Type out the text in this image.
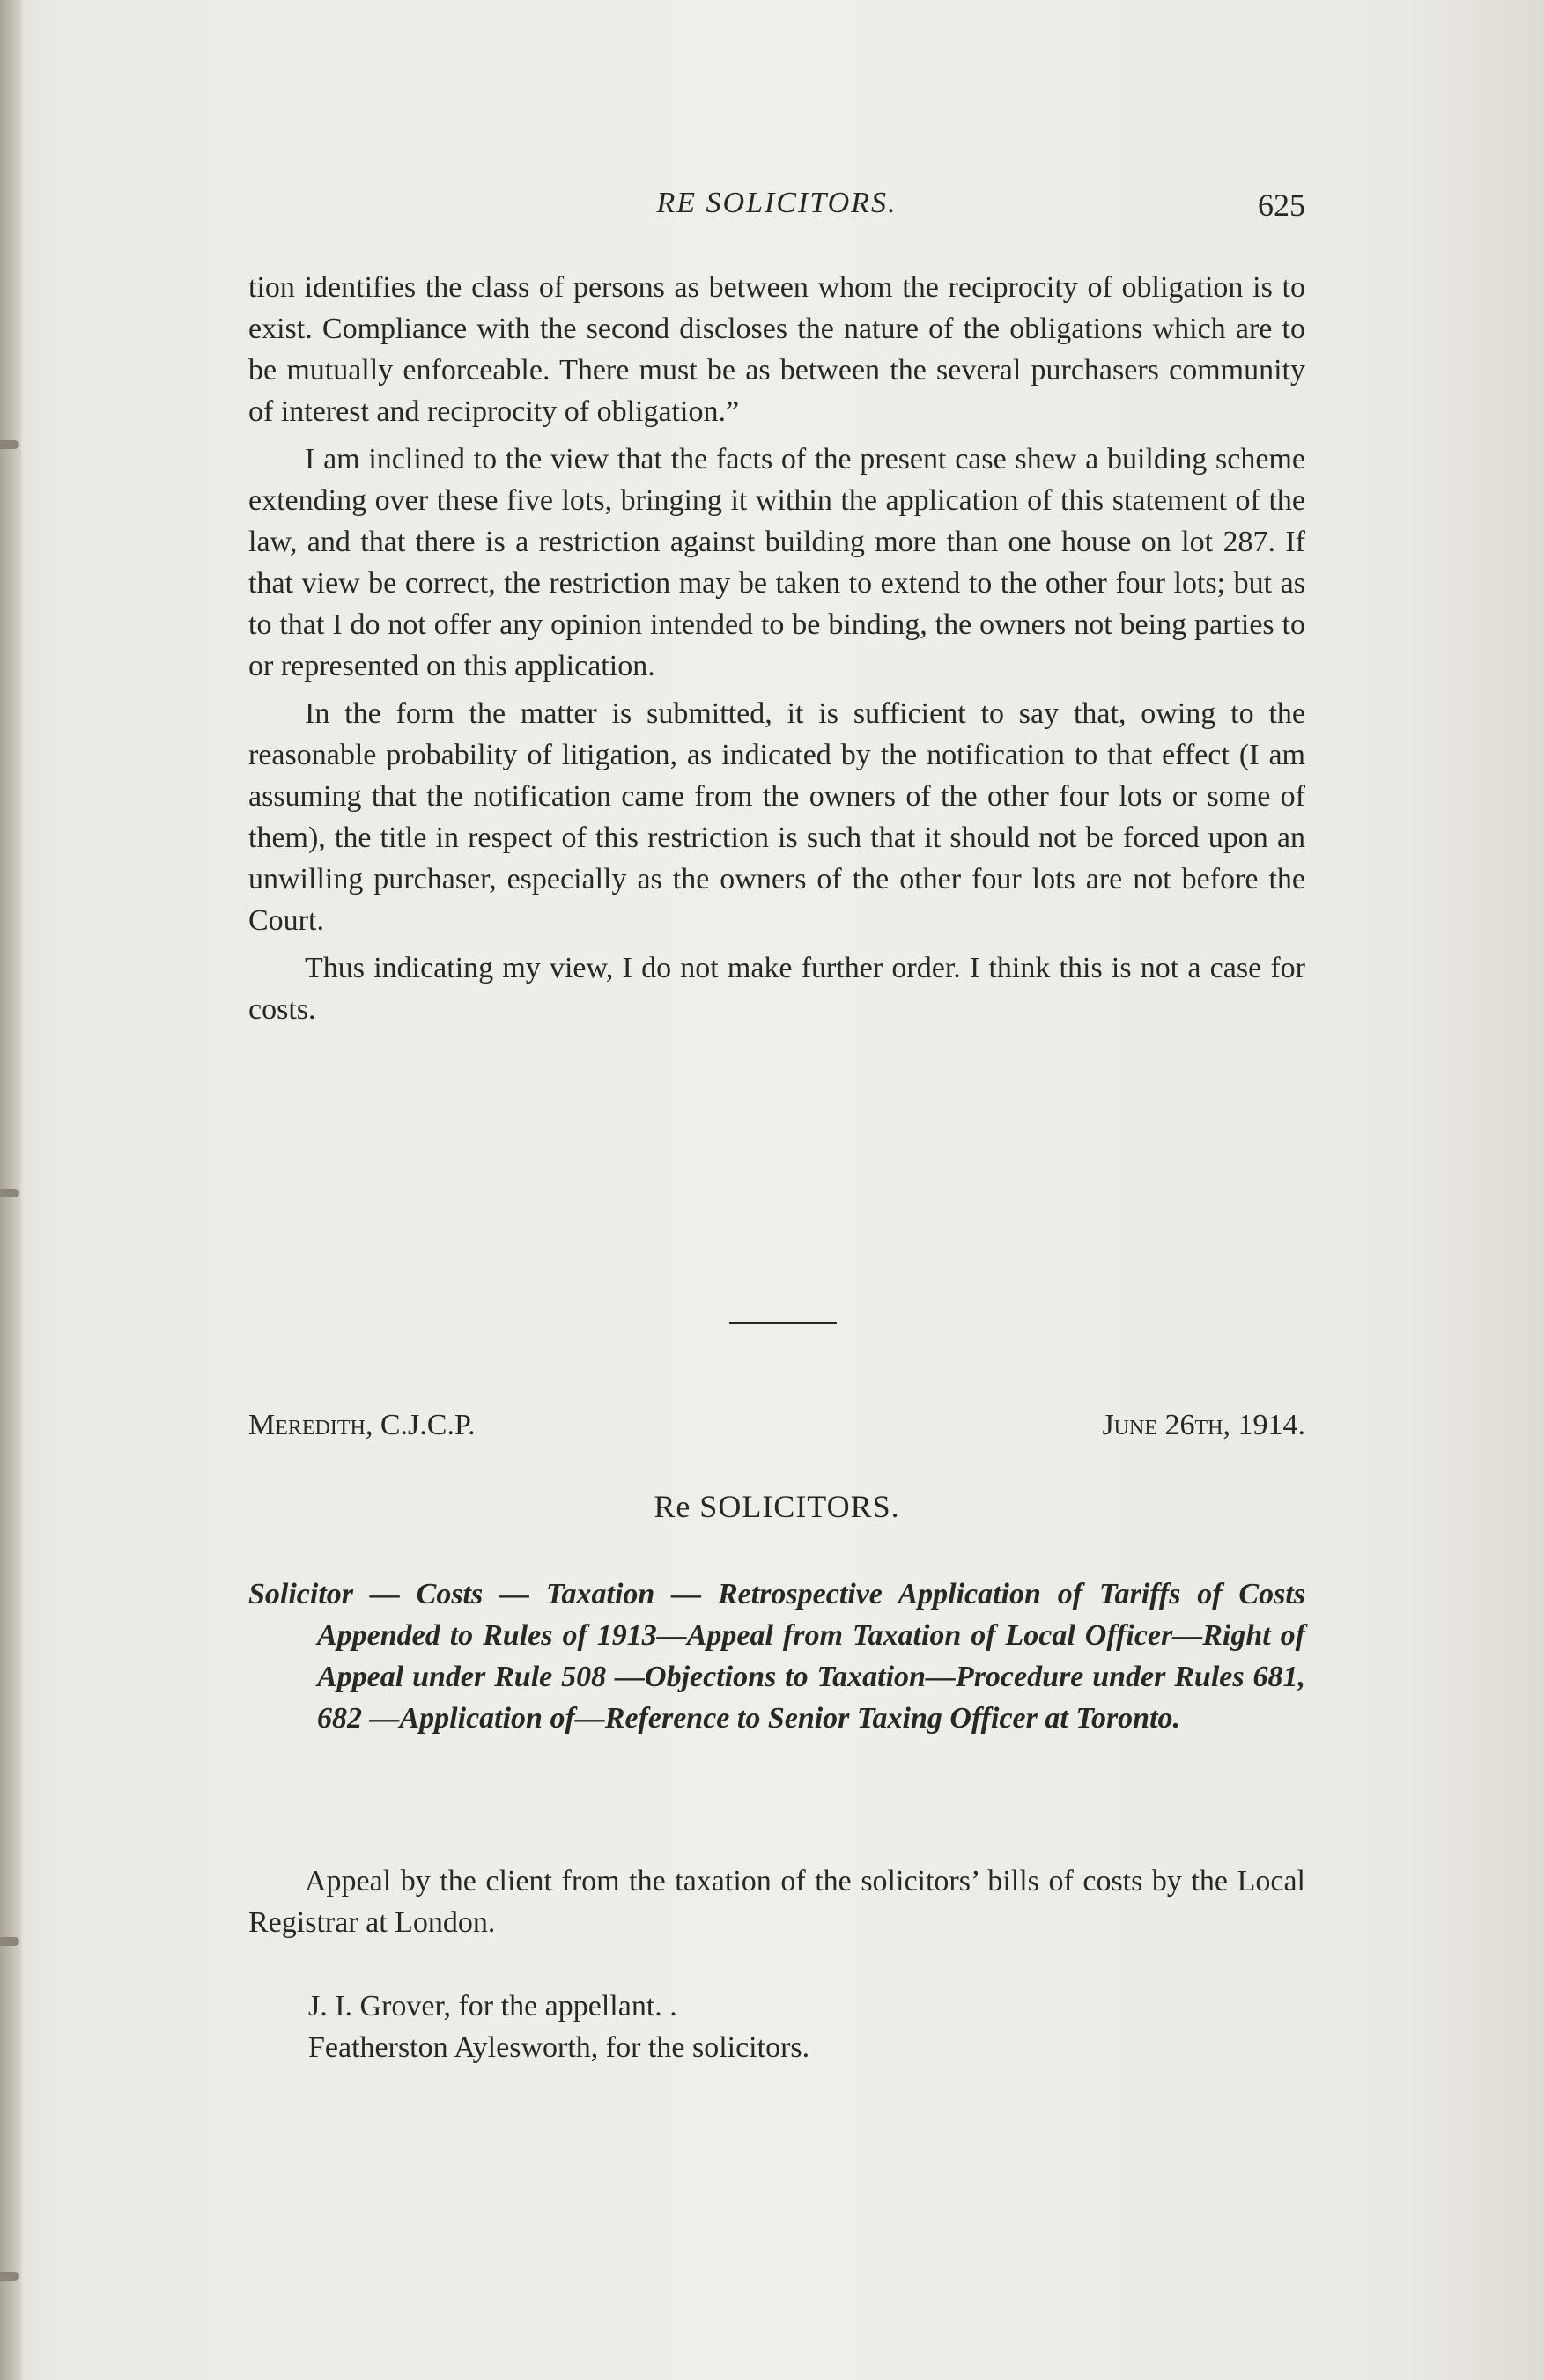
RE SOLICITORS.	625

tion identifies the class of persons as between whom the reciprocity of obligation is to exist. Compliance with the second discloses the nature of the obligations which are to be mutually enforceable. There must be as between the several purchasers community of interest and reciprocity of obligation.”

I am inclined to the view that the facts of the present case shew a building scheme extending over these five lots, bringing it within the application of this statement of the law, and that there is a restriction against building more than one house on lot 287. If that view be correct, the restriction may be taken to extend to the other four lots; but as to that I do not offer any opinion intended to be binding, the owners not being parties to or represented on this application.

In the form the matter is submitted, it is sufficient to say that, owing to the reasonable probability of litigation, as indicated by the notification to that effect (I am assuming that the notification came from the owners of the other four lots or some of them), the title in respect of this restriction is such that it should not be forced upon an unwilling purchaser, especially as the owners of the other four lots are not before the Court.

Thus indicating my view, I do not make further order. I think this is not a case for costs.

Meredith, C.J.C.P.	June 26th, 1914.
Re SOLICITORS.
Solicitor — Costs — Taxation — Retrospective Application of Tariffs of Costs Appended to Rules of 1913—Appeal from Taxation of Local Officer—Right of Appeal under Rule 508 —Objections to Taxation—Procedure under Rules 681, 682 —Application of—Reference to Senior Taxing Officer at Toronto.

Appeal by the client from the taxation of the solicitors’ bills of costs by the Local Registrar at London.

J. I. Grover, for the appellant. .
Featherston Aylesworth, for the solicitors.
